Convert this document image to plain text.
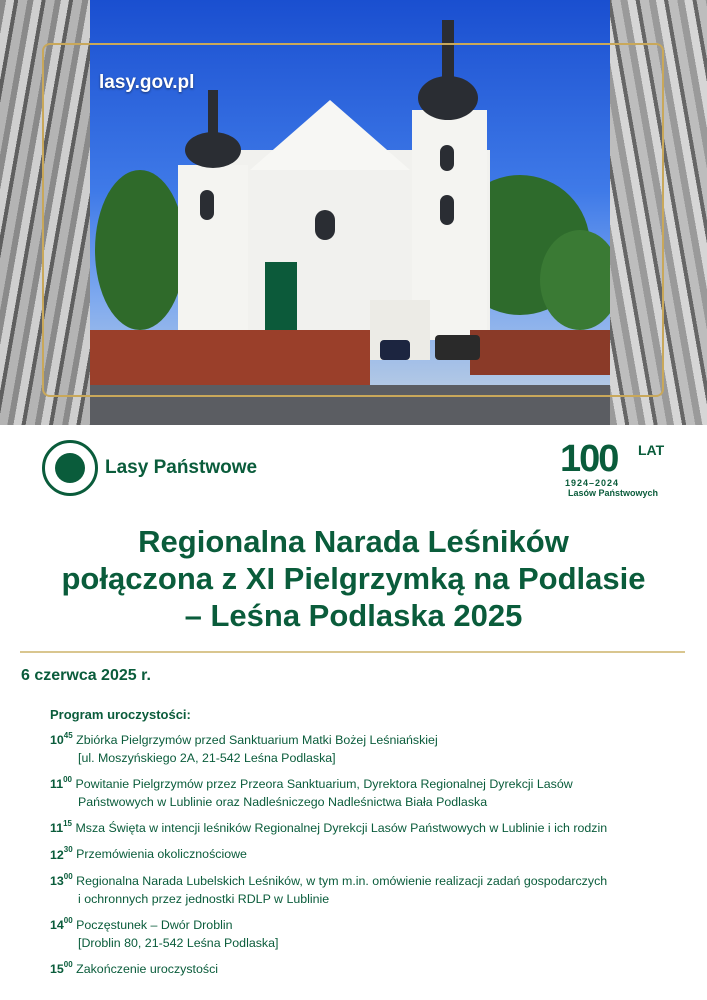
lasy.gov.pl
Lasy Państwowe	100 LAT
1924–2024
Lasów Państwowych
Regionalna Narada Leśników
połączona z XI Pielgrzymką na Podlasie
– Leśna Podlaska 2025
6 czerwca 2025 r.
Program uroczystości:
$10^{45}$ Zbiórka Pielgrzymów przed Sanktuarium Matki Bożej Leśniańskiej
[ul. Moszyńskiego 2A, 21-542 Leśna Podlaska]
$11^{00}$ Powitanie Pielgrzymów przez Przeora Sanktuarium, Dyrektora Regionalnej Dyrekcji Lasów
Państwowych w Lublinie oraz Nadleśniczego Nadleśnictwa Biała Podlaska
$11^{15}$ Msza Święta w intencji leśników Regionalnej Dyrekcji Lasów Państwowych w Lublinie i ich rodzin
$12^{30}$ Przemówienia okolicznościowe
$13^{00}$ Regionalna Narada Lubelskich Leśników, w tym m.in. omówienie realizacji zadań gospodarczych
i ochronnych przez jednostki RDLP w Lublinie
$14^{00}$ Poczęstunek – Dwór Droblin
[Droblin 80, 21-542 Leśna Podlaska]
$15^{00}$ Zakończenie uroczystości
